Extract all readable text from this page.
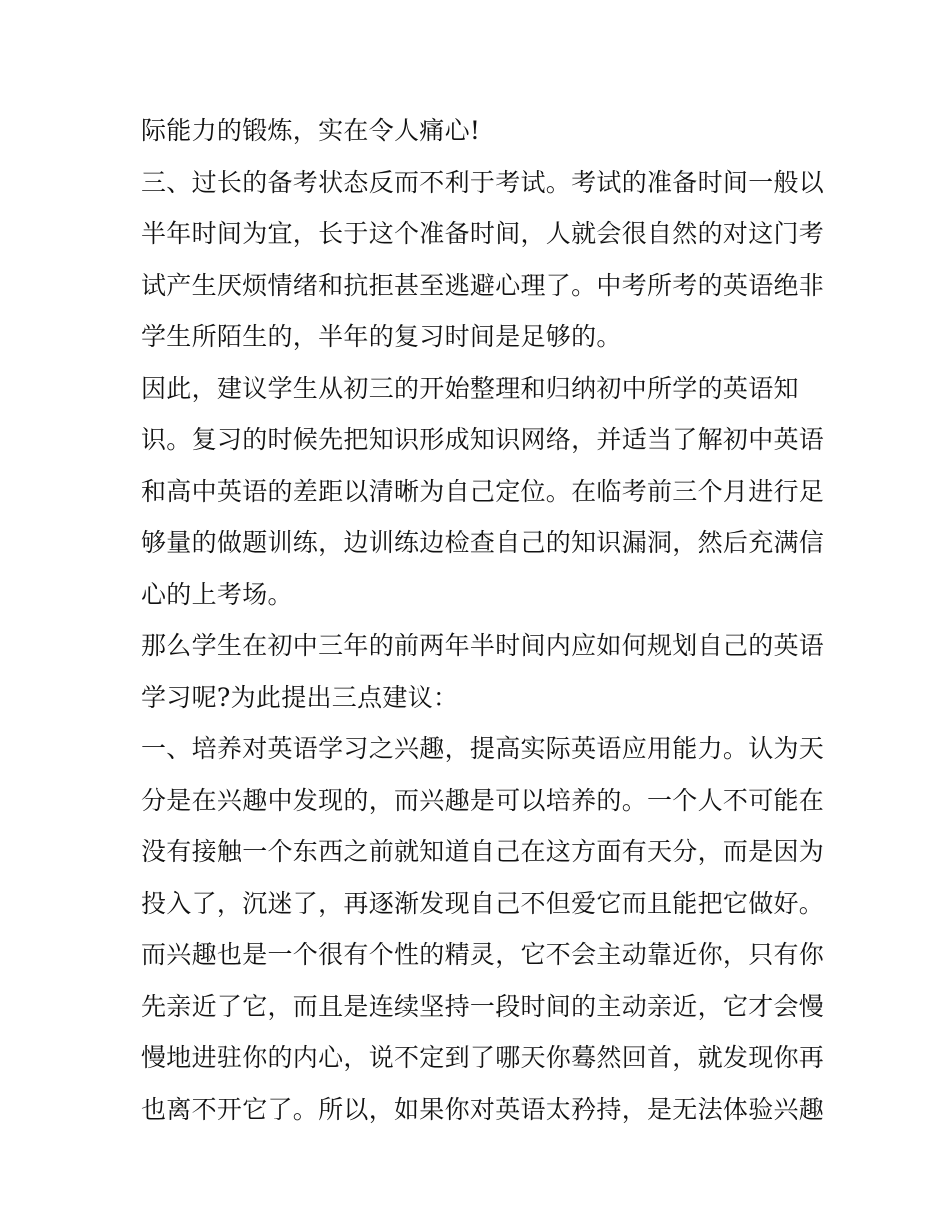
际能力的锻炼，实在令人痛心!
三、过长的备考状态反而不利于考试。考试的准备时间一般以
半年时间为宜，长于这个准备时间，人就会很自然的对这门考
试产生厌烦情绪和抗拒甚至逃避心理了。中考所考的英语绝非
学生所陌生的，半年的复习时间是足够的。
因此，建议学生从初三的开始整理和归纳初中所学的英语知
识。复习的时候先把知识形成知识网络，并适当了解初中英语
和高中英语的差距以清晰为自己定位。在临考前三个月进行足
够量的做题训练，边训练边检查自己的知识漏洞，然后充满信
心的上考场。
那么学生在初中三年的前两年半时间内应如何规划自己的英语
学习呢?为此提出三点建议：
一、培养对英语学习之兴趣，提高实际英语应用能力。认为天
分是在兴趣中发现的，而兴趣是可以培养的。一个人不可能在
没有接触一个东西之前就知道自己在这方面有天分，而是因为
投入了，沉迷了，再逐渐发现自己不但爱它而且能把它做好。
而兴趣也是一个很有个性的精灵，它不会主动靠近你，只有你
先亲近了它，而且是连续坚持一段时间的主动亲近，它才会慢
慢地进驻你的内心，说不定到了哪天你蓦然回首，就发现你再
也离不开它了。所以，如果你对英语太矜持，是无法体验兴趣
